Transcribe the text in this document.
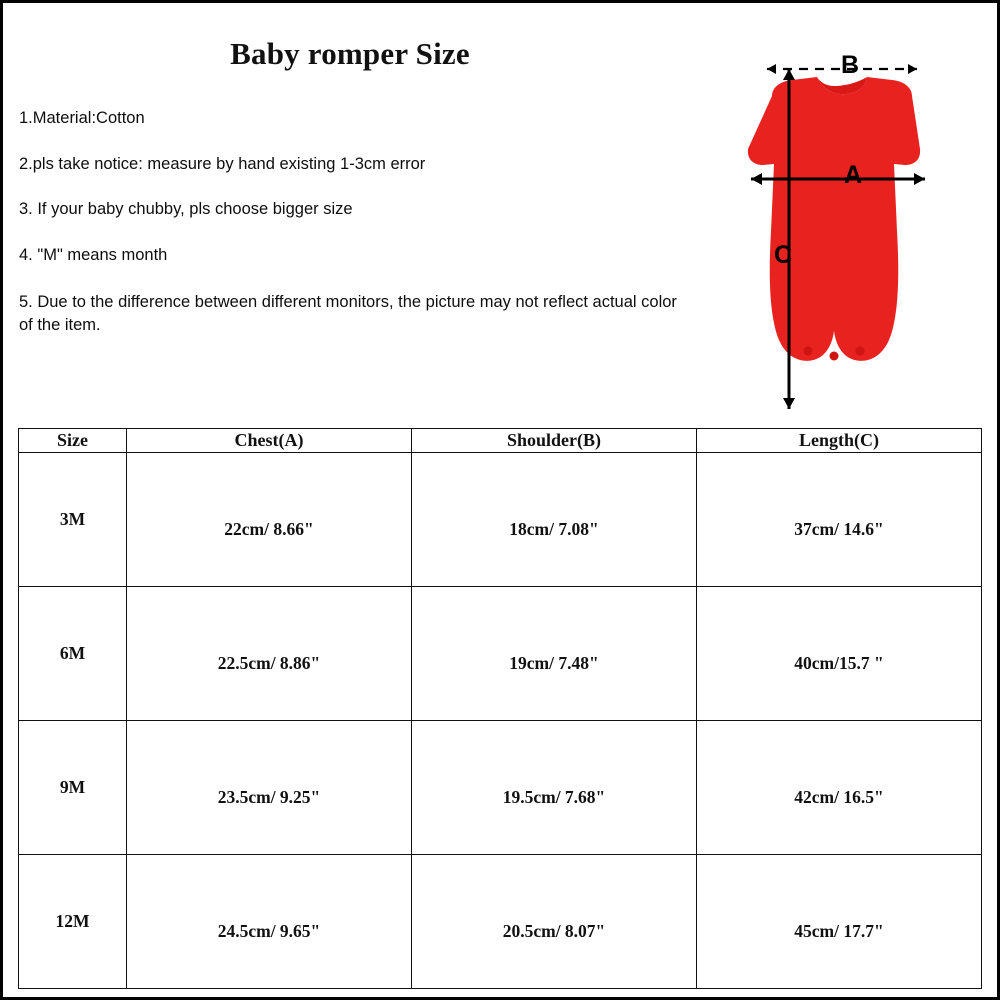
Baby romper Size
1.Material:Cotton
2.pls take notice: measure by hand existing 1-3cm error
3. If your baby chubby, pls choose bigger size
4. "M" means month
5. Due to the difference between different monitors, the picture may not reflect actual color of the item.
B
A
C
Size	Chest(A)	Shoulder(B)	Length(C)
3M	22cm/ 8.66"	18cm/ 7.08"	37cm/ 14.6"
6M	22.5cm/ 8.86"	19cm/ 7.48"	40cm/15.7 "
9M	23.5cm/ 9.25"	19.5cm/ 7.68"	42cm/ 16.5"
12M	24.5cm/ 9.65"	20.5cm/ 8.07"	45cm/ 17.7"
